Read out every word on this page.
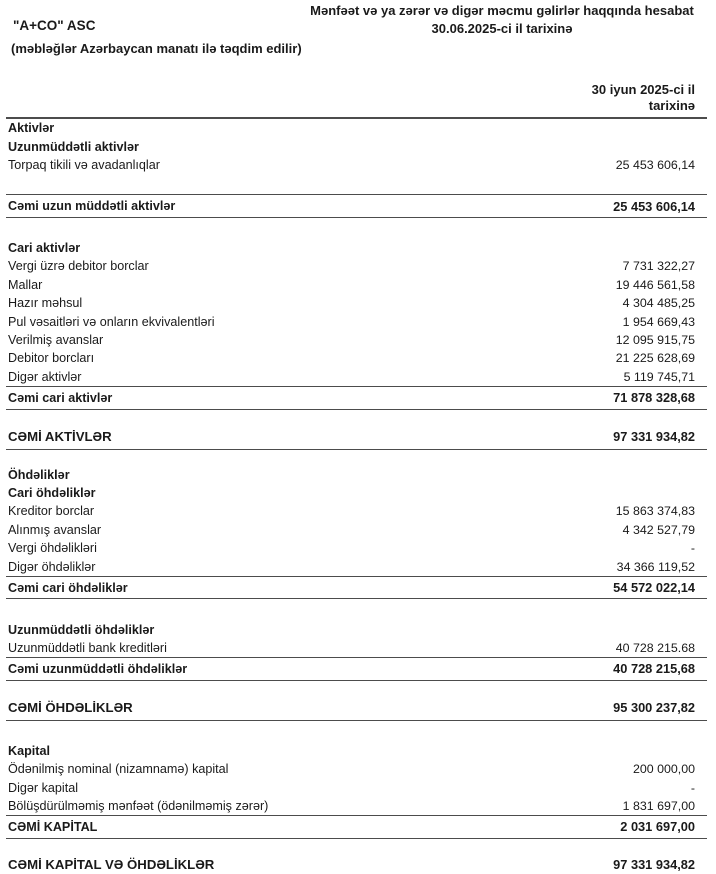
Mənfəət və ya zərər və digər məcmu gəlirlər haqqında hesabat
30.06.2025-ci il tarixinə
"A+CO" ASC
(məbləğlər Azərbaycan manatı ilə təqdim edilir)
30 iyun 2025-ci il
tarixinə
Aktivlər
Uzunmüddətli aktivlər
Torpaq tikili və avadanlıqlar	25 453 606,14
Cəmi uzun müddətli aktivlər	25 453 606,14
Cari aktivlər
Vergi üzrə debitor borclar	7 731 322,27
Mallar	19 446 561,58
Hazır məhsul	4 304 485,25
Pul vəsaitləri və onların ekvivalentləri	1 954 669,43
Verilmiş avanslar	12 095 915,75
Debitor borcları	21 225 628,69
Digər aktivlər	5 119 745,71
Cəmi cari aktivlər	71 878 328,68
CƏMİ AKTİVLƏR	97 331 934,82
Öhdəliklər
Cari öhdəliklər
Kreditor borclar	15 863 374,83
Alınmış avanslar	4 342 527,79
Vergi öhdəlikləri	-
Digər öhdəliklər	34 366 119,52
Cəmi cari öhdəliklər	54 572 022,14
Uzunmüddətli öhdəliklər
Uzunmüddətli bank kreditləri	40 728 215.68
Cəmi uzunmüddətli öhdəliklər	40 728 215,68
CƏMİ ÖHDƏLİKLƏR	95 300 237,82
Kapital
Ödənilmiş nominal (nizamnamə) kapital	200 000,00
Digər kapital	-
Bölüşdürülməmiş mənfəət (ödənilməmiş zərər)	1 831 697,00
CƏMİ KAPİTAL	2 031 697,00
CƏMİ KAPİTAL VƏ ÖHDƏLİKLƏR	97 331 934,82
